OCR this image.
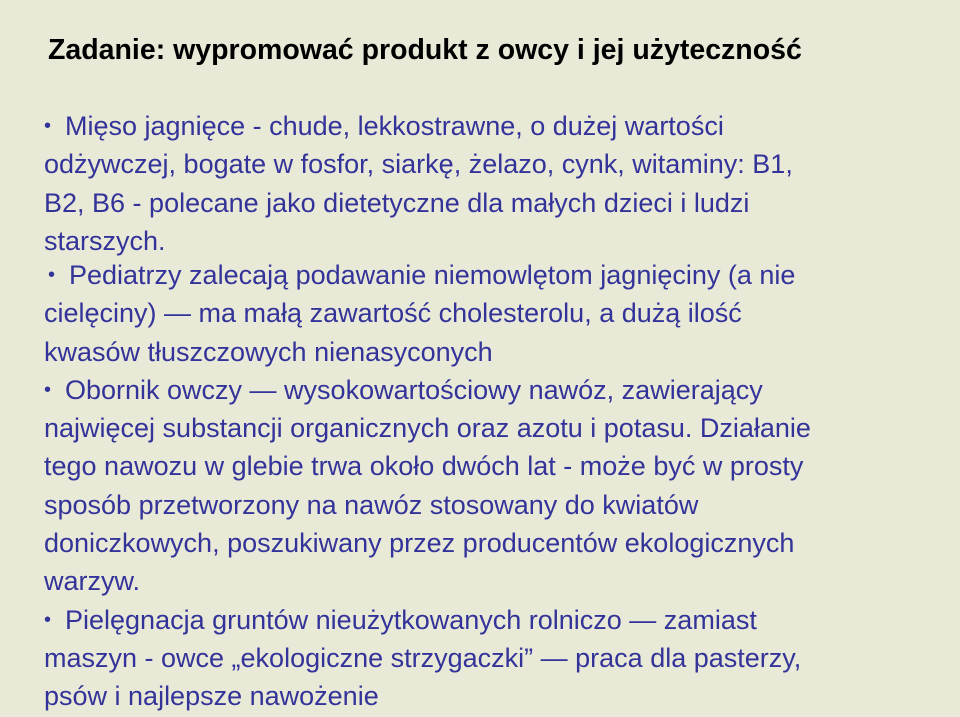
Zadanie: wypromować produkt z owcy i jej użyteczność
• Mięso jagnięce - chude, lekkostrawne, o dużej wartości
odżywczej, bogate w fosfor, siarkę, żelazo, cynk, witaminy: B1,
B2, B6 - polecane jako dietetyczne dla małych dzieci i ludzi
starszych.
• Pediatrzy zalecają podawanie niemowlętom jagnięciny (a nie
cielęciny) — ma małą zawartość cholesterolu, a dużą ilość
kwasów tłuszczowych nienasyconych
• Obornik owczy — wysokowartościowy nawóz, zawierający
najwięcej substancji organicznych oraz azotu i potasu. Działanie
tego nawozu w glebie trwa około dwóch lat - może być w prosty
sposób przetworzony na nawóz stosowany do kwiatów
doniczkowych, poszukiwany przez producentów ekologicznych
warzyw.
• Pielęgnacja gruntów nieużytkowanych rolniczo — zamiast
maszyn - owce „ekologiczne strzygaczki” — praca dla pasterzy,
psów i najlepsze nawożenie
